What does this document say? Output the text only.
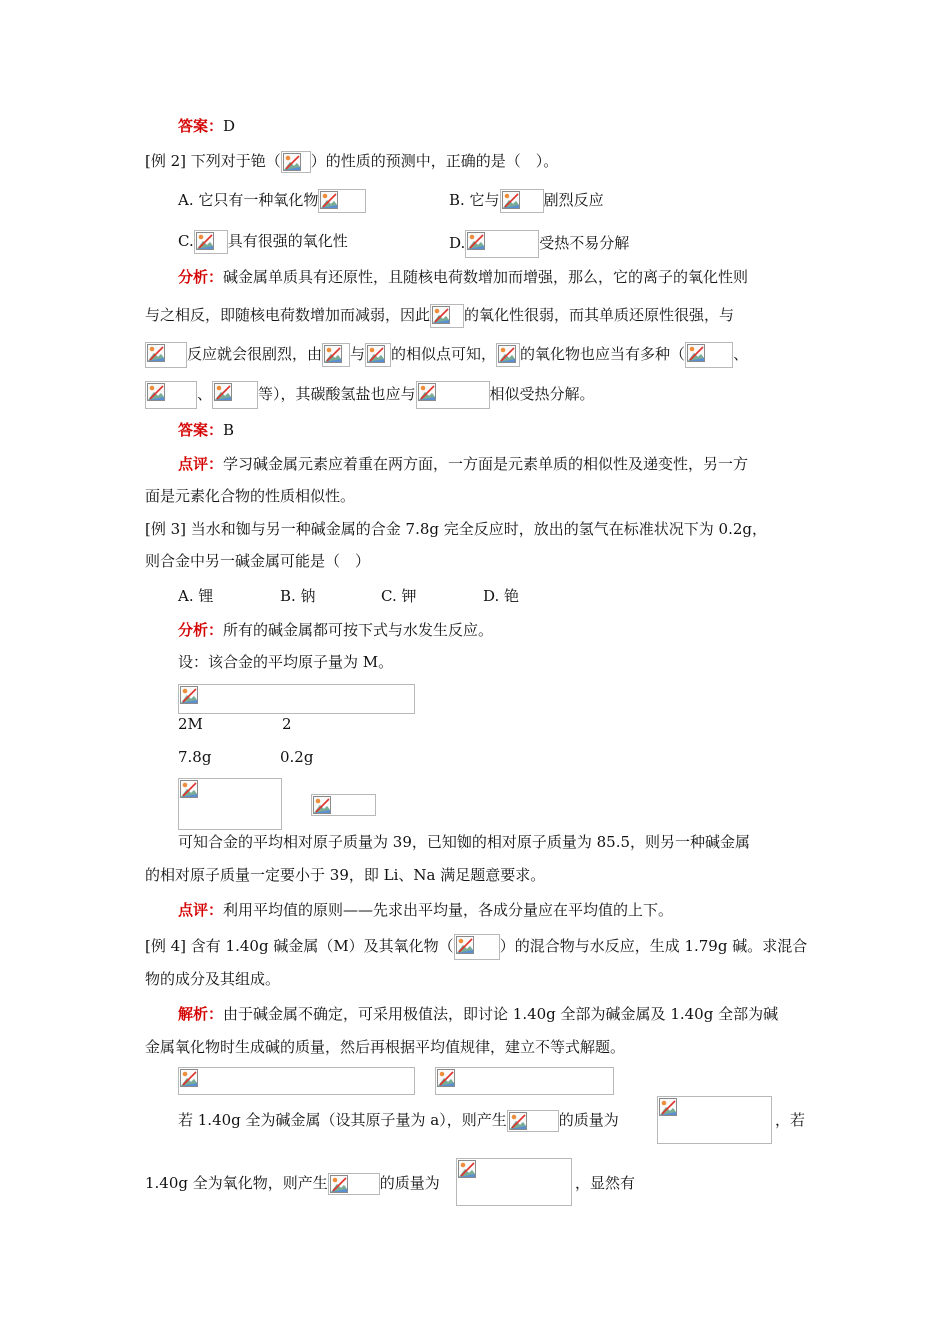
答案：D
[例 2] 下列对于铯（ ）的性质的预测中，正确的是（　）。
A. 它只有一种氧化物	B. 它与	剧烈反应
C. 具有很强的氧化性	D.	受热不易分解
分析：碱金属单质具有还原性，且随核电荷数增加而增强，那么，它的离子的氧化性则
与之相反，即随核电荷数增加而减弱，因此 的氧化性很弱，而其单质还原性很强，与
反应就会很剧烈，由 与 的相似点可知， 的氧化物也应当有多种（	、
、	等），其碳酸氢盐也应与	相似受热分解。
答案：B
点评：学习碱金属元素应着重在两方面，一方面是元素单质的相似性及递变性，另一方
面是元素化合物的性质相似性。
[例 3] 当水和铷与另一种碱金属的合金 7.8g 完全反应时，放出的氢气在标准状况下为 0.2g，
则合金中另一碱金属可能是（　）
A. 锂	B. 钠	C. 钾	D. 铯
分析：所有的碱金属都可按下式与水发生反应。
设：该合金的平均原子量为 M。
2M	2
7.8g	0.2g
可知合金的平均相对原子质量为 39，已知铷的相对原子质量为 85.5，则另一种碱金属
的相对原子质量一定要小于 39，即 Li、Na 满足题意要求。
点评：利用平均值的原则——先求出平均量，各成分量应在平均值的上下。
[例 4] 含有 1.40g 碱金属（M）及其氧化物（	）的混合物与水反应，生成 1.79g 碱。求混合
物的成分及其组成。
解析：由于碱金属不确定，可采用极值法，即讨论 1.40g 全部为碱金属及 1.40g 全部为碱
金属氧化物时生成碱的质量，然后再根据平均值规律，建立不等式解题。
若 1.40g 全为碱金属（设其原子量为 a），则产生	的质量为	，若
1.40g 全为氧化物，则产生	的质量为	，显然有
